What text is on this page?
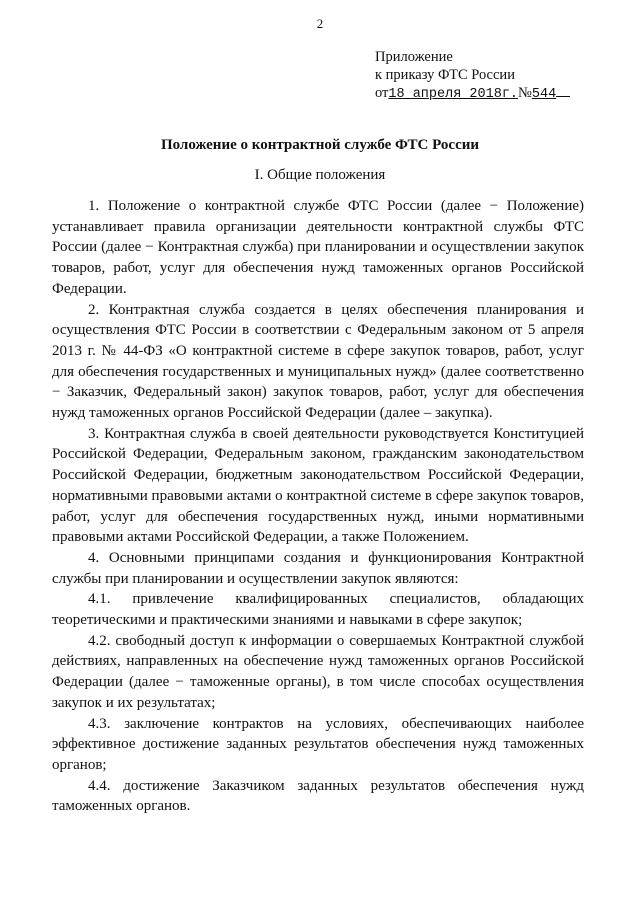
2
Приложение
к приказу ФТС России
от18 апреля 2018г.№544
Положение о контрактной службе ФТС России
I. Общие положения

1. Положение о контрактной службе ФТС России (далее − Положение) устанавливает правила организации деятельности контрактной службы ФТС России (далее − Контрактная служба) при планировании и осуществлении закупок товаров, работ, услуг для обеспечения нужд таможенных органов Российской Федерации.

2. Контрактная служба создается в целях обеспечения планирования и осуществления ФТС России в соответствии с Федеральным законом от 5 апреля 2013 г. № 44-ФЗ «О контрактной системе в сфере закупок товаров, работ, услуг для обеспечения государственных и муниципальных нужд» (далее соответственно − Заказчик, Федеральный закон) закупок товаров, работ, услуг для обеспечения нужд таможенных органов Российской Федерации (далее – закупка).

3. Контрактная служба в своей деятельности руководствуется Конституцией Российской Федерации, Федеральным законом, гражданским законодательством Российской Федерации, бюджетным законодательством Российской Федерации, нормативными правовыми актами о контрактной системе в сфере закупок товаров, работ, услуг для обеспечения государственных нужд, иными нормативными правовыми актами Российской Федерации, а также Положением.

4. Основными принципами создания и функционирования Контрактной службы при планировании и осуществлении закупок являются:

4.1. привлечение квалифицированных специалистов, обладающих теоретическими и практическими знаниями и навыками в сфере закупок;

4.2. свободный доступ к информации о совершаемых Контрактной службой действиях, направленных на обеспечение нужд таможенных органов Российской Федерации (далее − таможенные органы), в том числе способах осуществления закупок и их результатах;

4.3. заключение контрактов на условиях, обеспечивающих наиболее эффективное достижение заданных результатов обеспечения нужд таможенных органов;

4.4. достижение Заказчиком заданных результатов обеспечения нужд таможенных органов.
